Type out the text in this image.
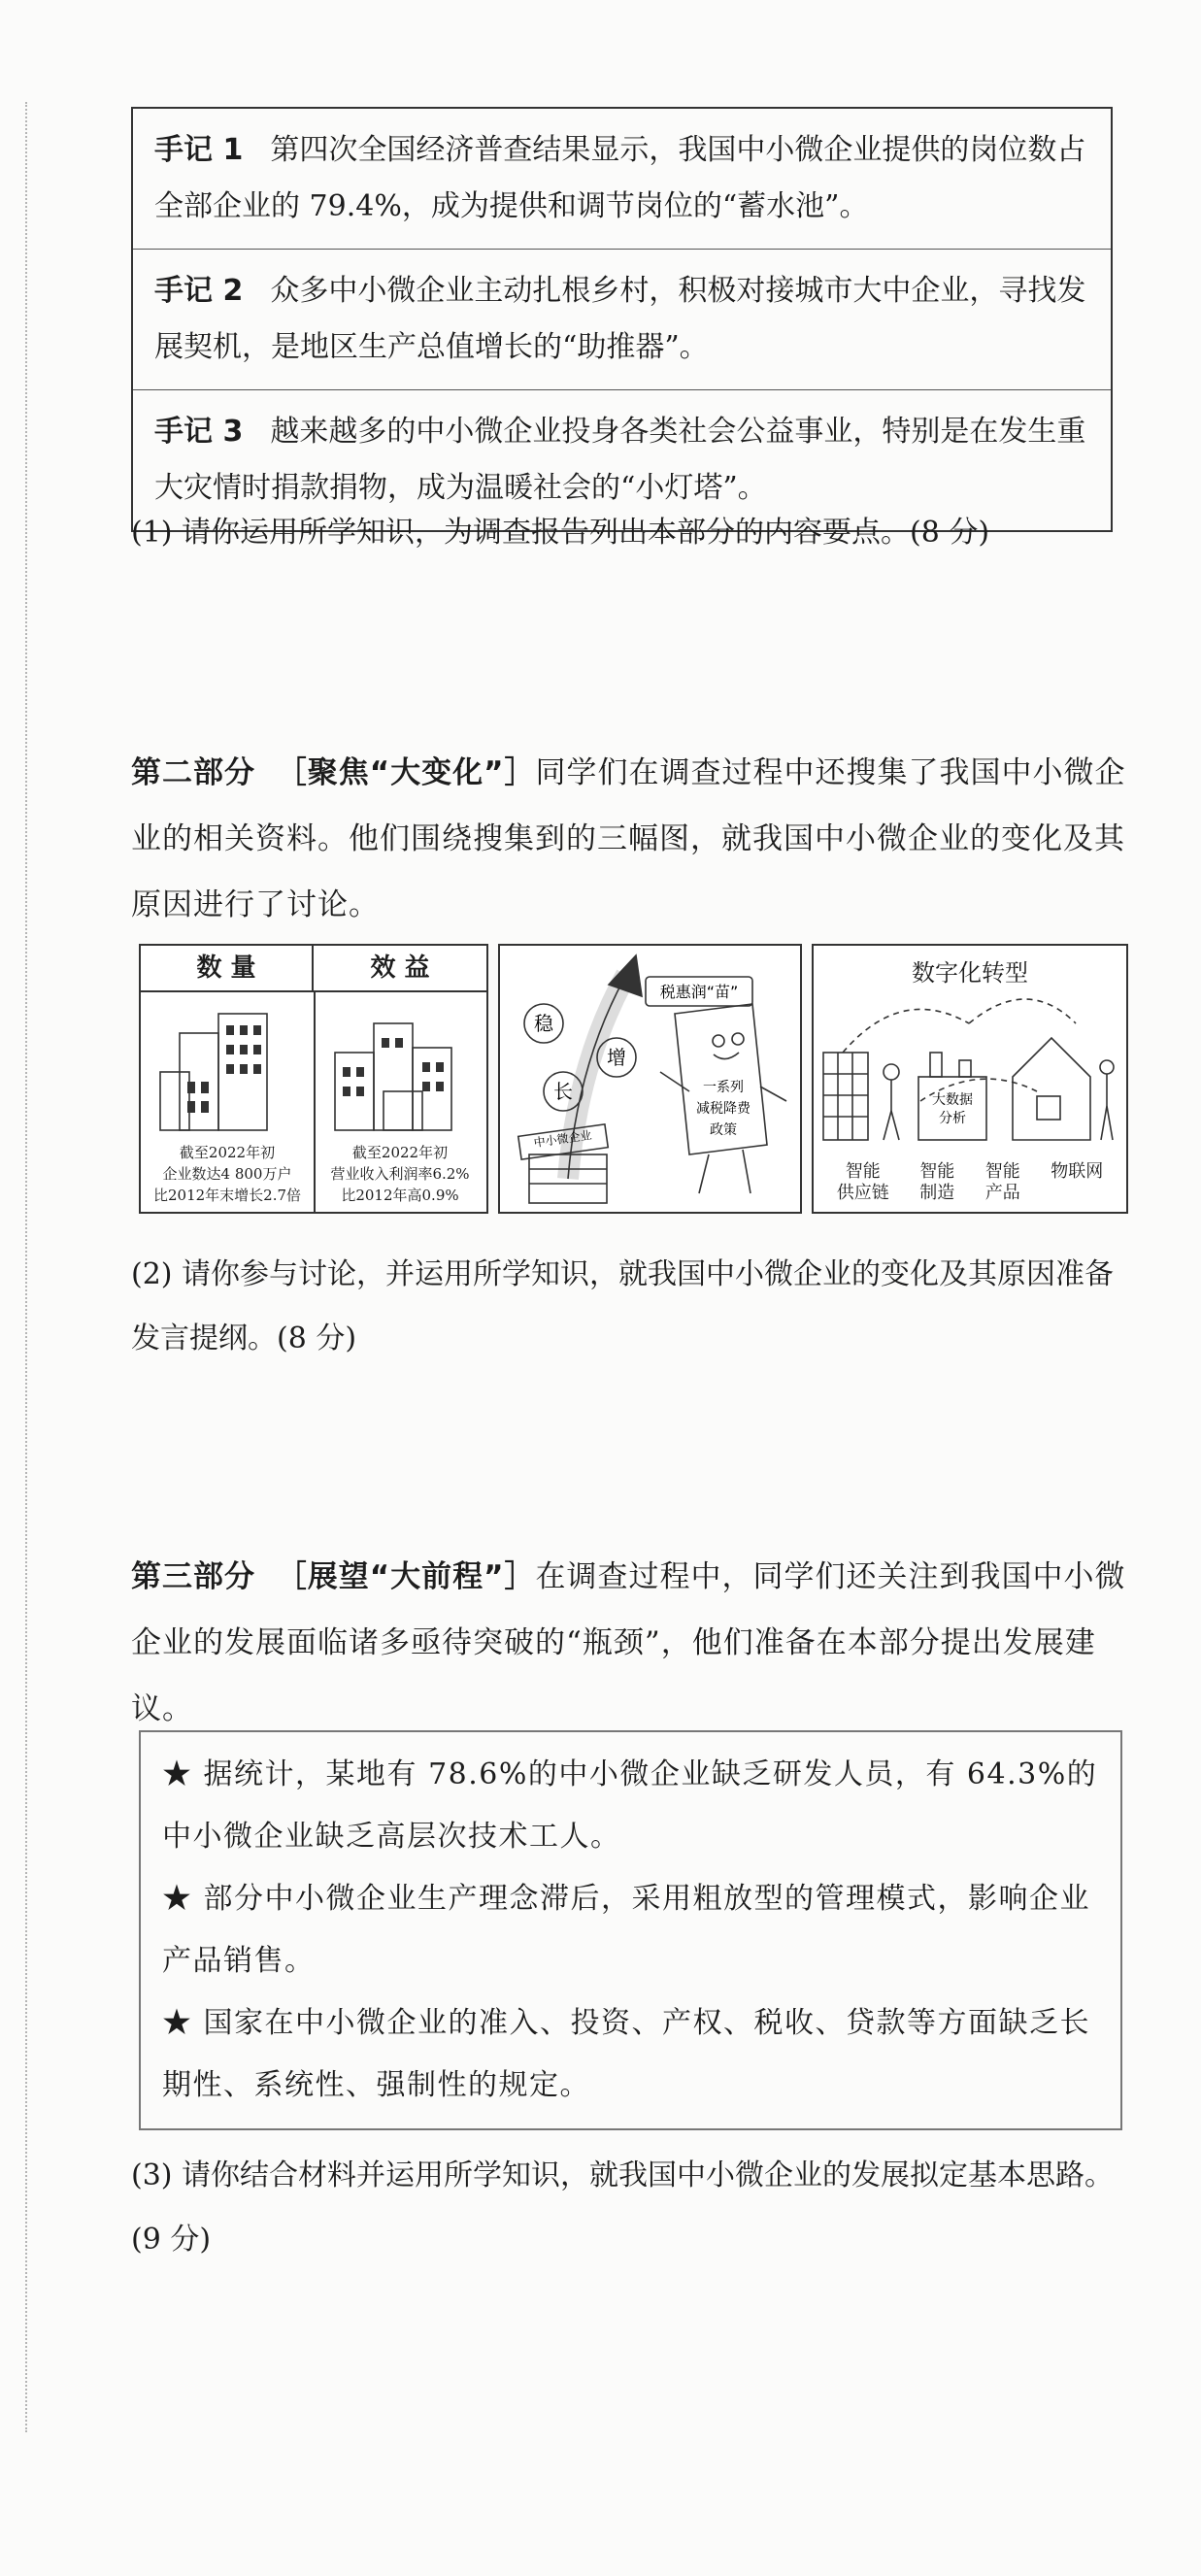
手记 1 第四次全国经济普查结果显示，我国中小微企业提供的岗位数占全部企业的 79.4%，成为提供和调节岗位的“蓄水池”。
手记 2 众多中小微企业主动扎根乡村，积极对接城市大中企业，寻找发展契机，是地区生产总值增长的“助推器”。
手记 3 越来越多的中小微企业投身各类社会公益事业，特别是在发生重大灾情时捐款捐物，成为温暖社会的“小灯塔”。
(1) 请你运用所学知识，为调查报告列出本部分的内容要点。(8 分)
第二部分 ［聚焦“大变化”］同学们在调查过程中还搜集了我国中小微企业的相关资料。他们围绕搜集到的三幅图，就我国中小微企业的变化及其原因进行了讨论。
数 量	效 益
截至2022年初
企业数达4 800万户
比2012年末增长2.7倍
截至2022年初
营业收入利润率6.2%
比2012年高0.9%
稳
增
长
税惠润“苗”
中小微企业
一系列
减税降费
政策
数字化转型
大数据
分析
智能
供应链
智能
制造
智能
产品
物联网
(2) 请你参与讨论，并运用所学知识，就我国中小微企业的变化及其原因准备发言提纲。(8 分)
第三部分 ［展望“大前程”］在调查过程中，同学们还关注到我国中小微企业的发展面临诸多亟待突破的“瓶颈”，他们准备在本部分提出发展建议。

★ 据统计，某地有 78.6%的中小微企业缺乏研发人员，有 64.3%的中小微企业缺乏高层次技术工人。

★ 部分中小微企业生产理念滞后，采用粗放型的管理模式，影响企业产品销售。

★ 国家在中小微企业的准入、投资、产权、税收、贷款等方面缺乏长期性、系统性、强制性的规定。

(3) 请你结合材料并运用所学知识，就我国中小微企业的发展拟定基本思路。(9 分)
